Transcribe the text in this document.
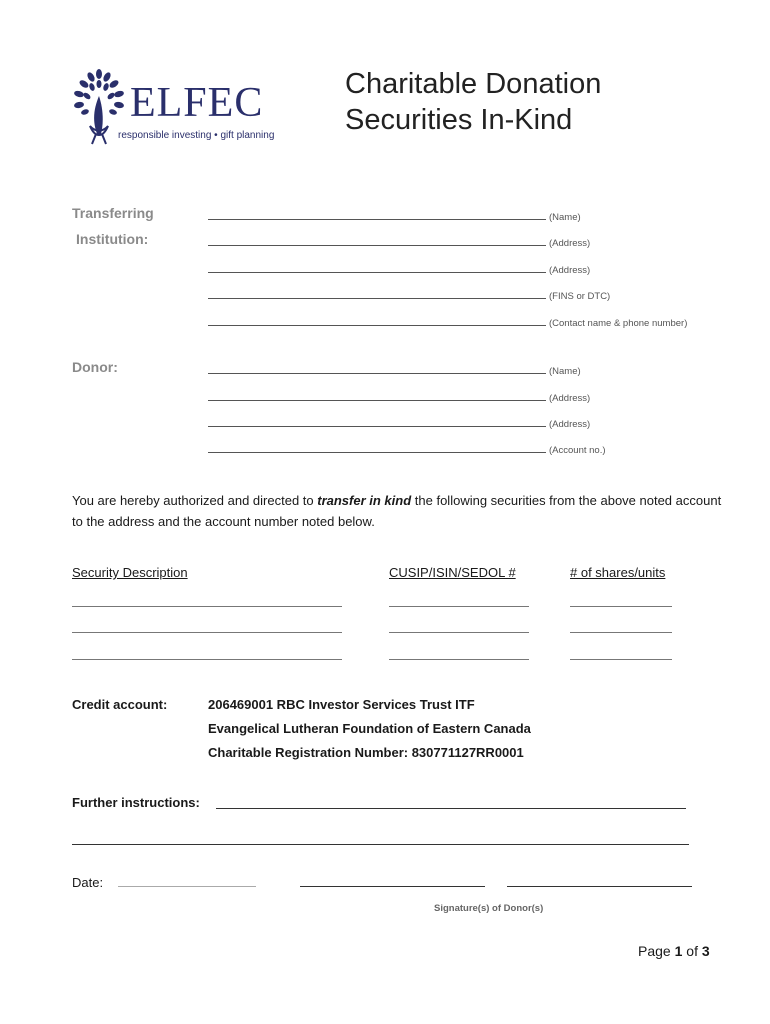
ELFEC
responsible investing • gift planning
Charitable Donation
Securities In-Kind
Transferring
Institution:
(Name)
(Address)
(Address)
(FINS or DTC)
(Contact name & phone number)
Donor:	(Name)
(Address)
(Address)
(Account no.)
You are hereby authorized and directed to transfer in kind the following securities from the above noted account to the address and the account number noted below.
Security Description	CUSIP/ISIN/SEDOL #	# of shares/units
Credit account:	206469001 RBC Investor Services Trust ITF
Evangelical Lutheran Foundation of Eastern Canada
Charitable Registration Number: 830771127RR0001
Further instructions:
Date:
Signature(s) of Donor(s)
Page 1 of 3
